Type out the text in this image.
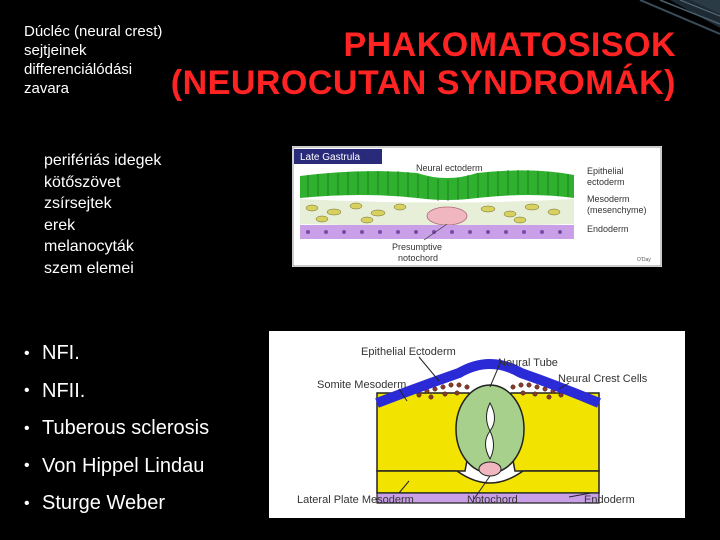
Dúcléc (neural crest)
sejtjeinek
differenciálódási
zavara

PHAKOMATOSISOK
(NEUROCUTAN SYNDROMÁK)
perifériás idegek
kötőszövet
zsírsejtek
erek
melanocyták
szem elemei
• NFI.
• NFII.
• Tuberous sclerosis
• Von Hippel Lindau
• Sturge Weber
Late Gastrula
Neural ectoderm	Epithelial
ectoderm
Mesoderm
(mesenchyme)
Endoderm
Presumptive
notochord	O'Day
Epithelial Ectoderm
Neural Tube
Neural Crest Cells
Somite Mesoderm
Lateral Plate Mesoderm	Notochord	Endoderm
